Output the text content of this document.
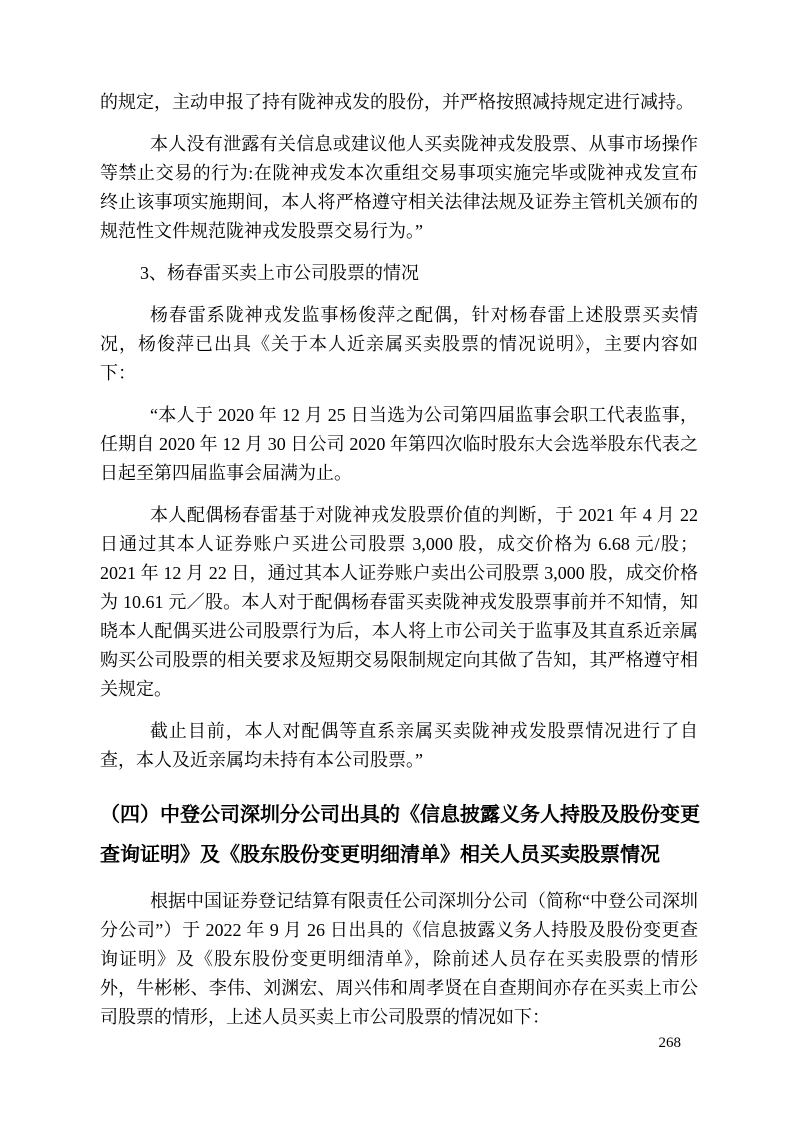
的规定，主动申报了持有陇神戎发的股份，并严格按照减持规定进行减持。

本人没有泄露有关信息或建议他人买卖陇神戎发股票、从事市场操作等禁止交易的行为:在陇神戎发本次重组交易事项实施完毕或陇神戎发宣布终止该事项实施期间，本人将严格遵守相关法律法规及证券主管机关颁布的规范性文件规范陇神戎发股票交易行为。”

3、杨春雷买卖上市公司股票的情况

杨春雷系陇神戎发监事杨俊萍之配偶，针对杨春雷上述股票买卖情况，杨俊萍已出具《关于本人近亲属买卖股票的情况说明》，主要内容如下：

“本人于 2020 年 12 月 25 日当选为公司第四届监事会职工代表监事，任期自 2020 年 12 月 30 日公司 2020 年第四次临时股东大会选举股东代表之日起至第四届监事会届满为止。

本人配偶杨春雷基于对陇神戎发股票价值的判断，于 2021 年 4 月 22 日通过其本人证券账户买进公司股票 3,000 股，成交价格为 6.68 元/股；2021 年 12 月 22 日，通过其本人证券账户卖出公司股票 3,000 股，成交价格为 10.61 元／股。本人对于配偶杨春雷买卖陇神戎发股票事前并不知情，知晓本人配偶买进公司股票行为后，本人将上市公司关于监事及其直系近亲属购买公司股票的相关要求及短期交易限制规定向其做了告知，其严格遵守相关规定。

截止目前，本人对配偶等直系亲属买卖陇神戎发股票情况进行了自查，本人及近亲属均未持有本公司股票。”

（四）中登公司深圳分公司出具的《信息披露义务人持股及股份变更查询证明》及《股东股份变更明细清单》相关人员买卖股票情况

根据中国证券登记结算有限责任公司深圳分公司（简称“中登公司深圳分公司”）于 2022 年 9 月 26 日出具的《信息披露义务人持股及股份变更查询证明》及《股东股份变更明细清单》，除前述人员存在买卖股票的情形外，牛彬彬、李伟、刘渊宏、周兴伟和周孝贤在自查期间亦存在买卖上市公司股票的情形，上述人员买卖上市公司股票的情况如下：

268
